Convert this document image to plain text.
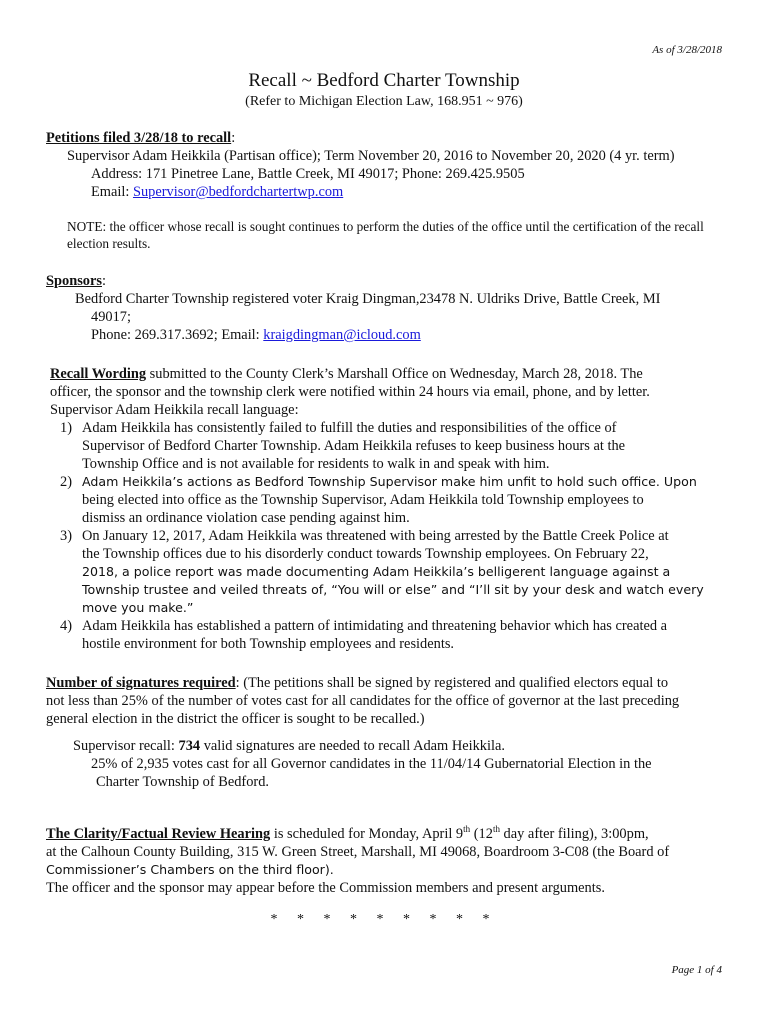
As of 3/28/2018
Recall ~ Bedford Charter Township
(Refer to Michigan Election Law, 168.951 ~ 976)
Petitions filed 3/28/18 to recall:
Supervisor Adam Heikkila (Partisan office); Term November 20, 2016 to November 20, 2020 (4 yr. term)
Address: 171 Pinetree Lane, Battle Creek, MI 49017; Phone: 269.425.9505
Email: Supervisor@bedfordchartertwp.com
NOTE: the officer whose recall is sought continues to perform the duties of the office until the certification of the recall election results.
Sponsors:
Bedford Charter Township registered voter Kraig Dingman,23478 N. Uldriks Drive, Battle Creek, MI
49017;
Phone: 269.317.3692; Email: kraigdingman@icloud.com
Recall Wording submitted to the County Clerk’s Marshall Office on Wednesday, March 28, 2018. The
officer, the sponsor and the township clerk were notified within 24 hours via email, phone, and by letter.
Supervisor Adam Heikkila recall language:
1) Adam Heikkila has consistently failed to fulfill the duties and responsibilities of the office of
Supervisor of Bedford Charter Township. Adam Heikkila refuses to keep business hours at the
Township Office and is not available for residents to walk in and speak with him.
2) Adam Heikkila’s actions as Bedford Township Supervisor make him unfit to hold such office. Upon
being elected into office as the Township Supervisor, Adam Heikkila told Township employees to
dismiss an ordinance violation case pending against him.
3) On January 12, 2017, Adam Heikkila was threatened with being arrested by the Battle Creek Police at
the Township offices due to his disorderly conduct towards Township employees. On February 22,
2018, a police report was made documenting Adam Heikkila’s belligerent language against a
Township trustee and veiled threats of, “You will or else” and “I’ll sit by your desk and watch every
move you make.”
4) Adam Heikkila has established a pattern of intimidating and threatening behavior which has created a
hostile environment for both Township employees and residents.
Number of signatures required: (The petitions shall be signed by registered and qualified electors equal to
not less than 25% of the number of votes cast for all candidates for the office of governor at the last preceding
general election in the district the officer is sought to be recalled.)
Supervisor recall: 734 valid signatures are needed to recall Adam Heikkila.
25% of 2,935 votes cast for all Governor candidates in the 11/04/14 Gubernatorial Election in the
Charter Township of Bedford.
The Clarity/Factual Review Hearing is scheduled for Monday, April 9th (12th day after filing), 3:00pm,
at the Calhoun County Building, 315 W. Green Street, Marshall, MI 49068, Boardroom 3-C08 (the Board of
Commissioner’s Chambers on the third floor).
The officer and the sponsor may appear before the Commission members and present arguments.
* * * * * * * * *
Page 1 of 4
